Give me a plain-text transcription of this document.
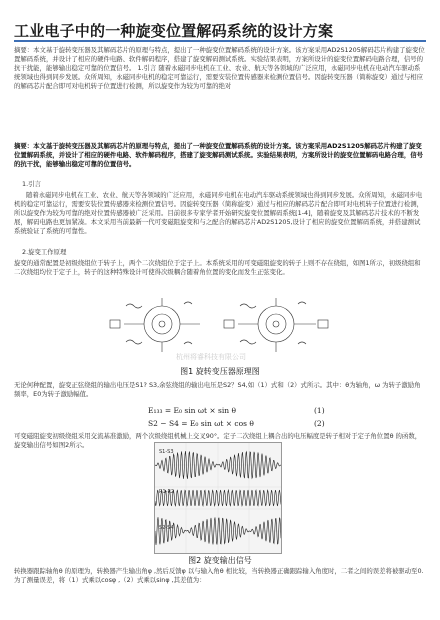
工业电子中的一种旋变位置解码系统的设计方案

摘要：本文基于旋转变压器及其解码芯片的原理与特点，提出了一种旋变位置解码系统的设计方案。该方案采用AD2S1205解码芯片构建了旋变位置解码系统，并设计了相应的硬件电路、软件解码程序，搭建了旋变解码测试系统。实验结果表明，方案所设计的旋变位置解码电路合理，信号的抗干扰能，能够输出稳定可靠的位置信号。 1.引言 随着永磁同步电机在工业、农业、航天等各领域的广泛应用，永磁同步电机在电动汽车驱动系统领域也得到同步发展。众所周知，永磁同步电机的稳定可靠运行，需要安装位置传感器来检测位置信号。因旋转变压器（简称旋变）通过与相应的解码芯片配合即可对电机转子位置进行检测，所以旋变作为较为可靠的绝对

摘要：本文基于旋转变压器及其解码芯片的原理与特点，提出了一种旋变位置解码系统的设计方案。该方案采用AD2S1205解码芯片构建了旋变位置解码系统，并设计了相应的硬件电路、软件解码程序，搭建了旋变解码测试系统。实验结果表明，方案所设计的旋变位置解码电路合理，信号的抗干扰，能够输出稳定可靠的位置信号。

1.引言

随着永磁同步电机在工业、农业、航天等各领域的广泛应用，永磁同步电机在电动汽车驱动系统领域也得到同步发展。众所周知，永磁同步电机的稳定可靠运行，需要安装位置传感器来检测位置信号。因旋转变压器（简称旋变）通过与相应的解码芯片配合即可对电机转子位置进行检测，所以旋变作为较为可靠的绝对位置传感器被广泛采用。目前很多专家学者开始研究旋变位置解码系统[1-4]，随着旋变及其解码芯片技术的不断发展，解码电路也更加紧凑。本文采用当前最新一代可变磁阻旋变和与之配合的解码芯片AD2S1205,设计了相应的旋变位置解码系统，并搭建测试系统验证了系统的可靠性。

2.旋变工作原理

旋变的通常配置是初级绕组位于转子上，两个二次绕组位于定子上。本系统采用的可变磁阻旋变的转子上则不存在绕组，如图1所示，初级绕组和二次绕组均位于定子上，转子的这种特殊设计可使得次级耦合随着角位置的变化而发生正弦变化。

杭州将睿科技有限公司
图1 旋转变压器原理图

无论何种配置，旋变正弦绕组的输出电压是S1? S3,余弦绕组的输出电压是S2？S4,如（1）式和（2）式所示。其中：θ为轴角，ω 为转子激励角频率，E0为转子激励幅值。

E₁₃₃ = E₀ sin ωt × sin θ	(1)
S2 − S4 = E₀ sin ωt × cos θ	(2)

可变磁阻旋变初级绕组采用交流基准激励，两个次级绕组机械上交叉90°。定子二次绕组上耦合出的电压幅度是转子相对于定子角位置θ 的函数，旋变输出信号如图2所示。

S1-S3
R1-R2
S2-S4
图2 旋变输出信号

转换器跟踪轴角θ 的原理为，转换器产生输出角φ ,然后反馈φ 以与输入角θ 相比较，当转换器正确跟踪输入角度时，二者之间的误差将被驱动至0.为了测量误差，将（1）式乘以cosφ ,（2）式乘以sinφ ,其差值为：
